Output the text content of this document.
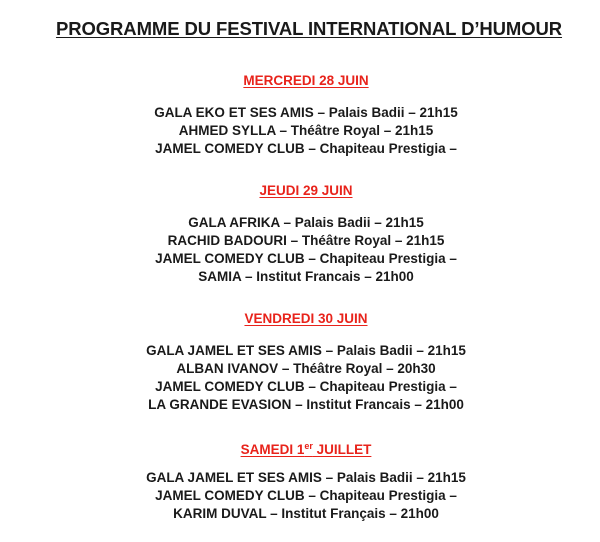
PROGRAMME DU FESTIVAL INTERNATIONAL D’HUMOUR
MERCREDI 28 JUIN
GALA EKO ET SES AMIS – Palais Badii – 21h15
AHMED SYLLA – Théâtre Royal – 21h15
JAMEL COMEDY CLUB – Chapiteau Prestigia –
JEUDI 29 JUIN
GALA AFRIKA – Palais Badii – 21h15
RACHID BADOURI – Théâtre Royal – 21h15
JAMEL COMEDY CLUB – Chapiteau Prestigia –
SAMIA – Institut Francais – 21h00
VENDREDI 30 JUIN
GALA JAMEL ET SES AMIS – Palais Badii – 21h15
ALBAN IVANOV – Théâtre Royal – 20h30
JAMEL COMEDY CLUB – Chapiteau Prestigia –
LA GRANDE EVASION – Institut Francais – 21h00
SAMEDI 1er JUILLET
GALA JAMEL ET SES AMIS – Palais Badii – 21h15
JAMEL COMEDY CLUB – Chapiteau Prestigia –
KARIM DUVAL – Institut Français – 21h00
